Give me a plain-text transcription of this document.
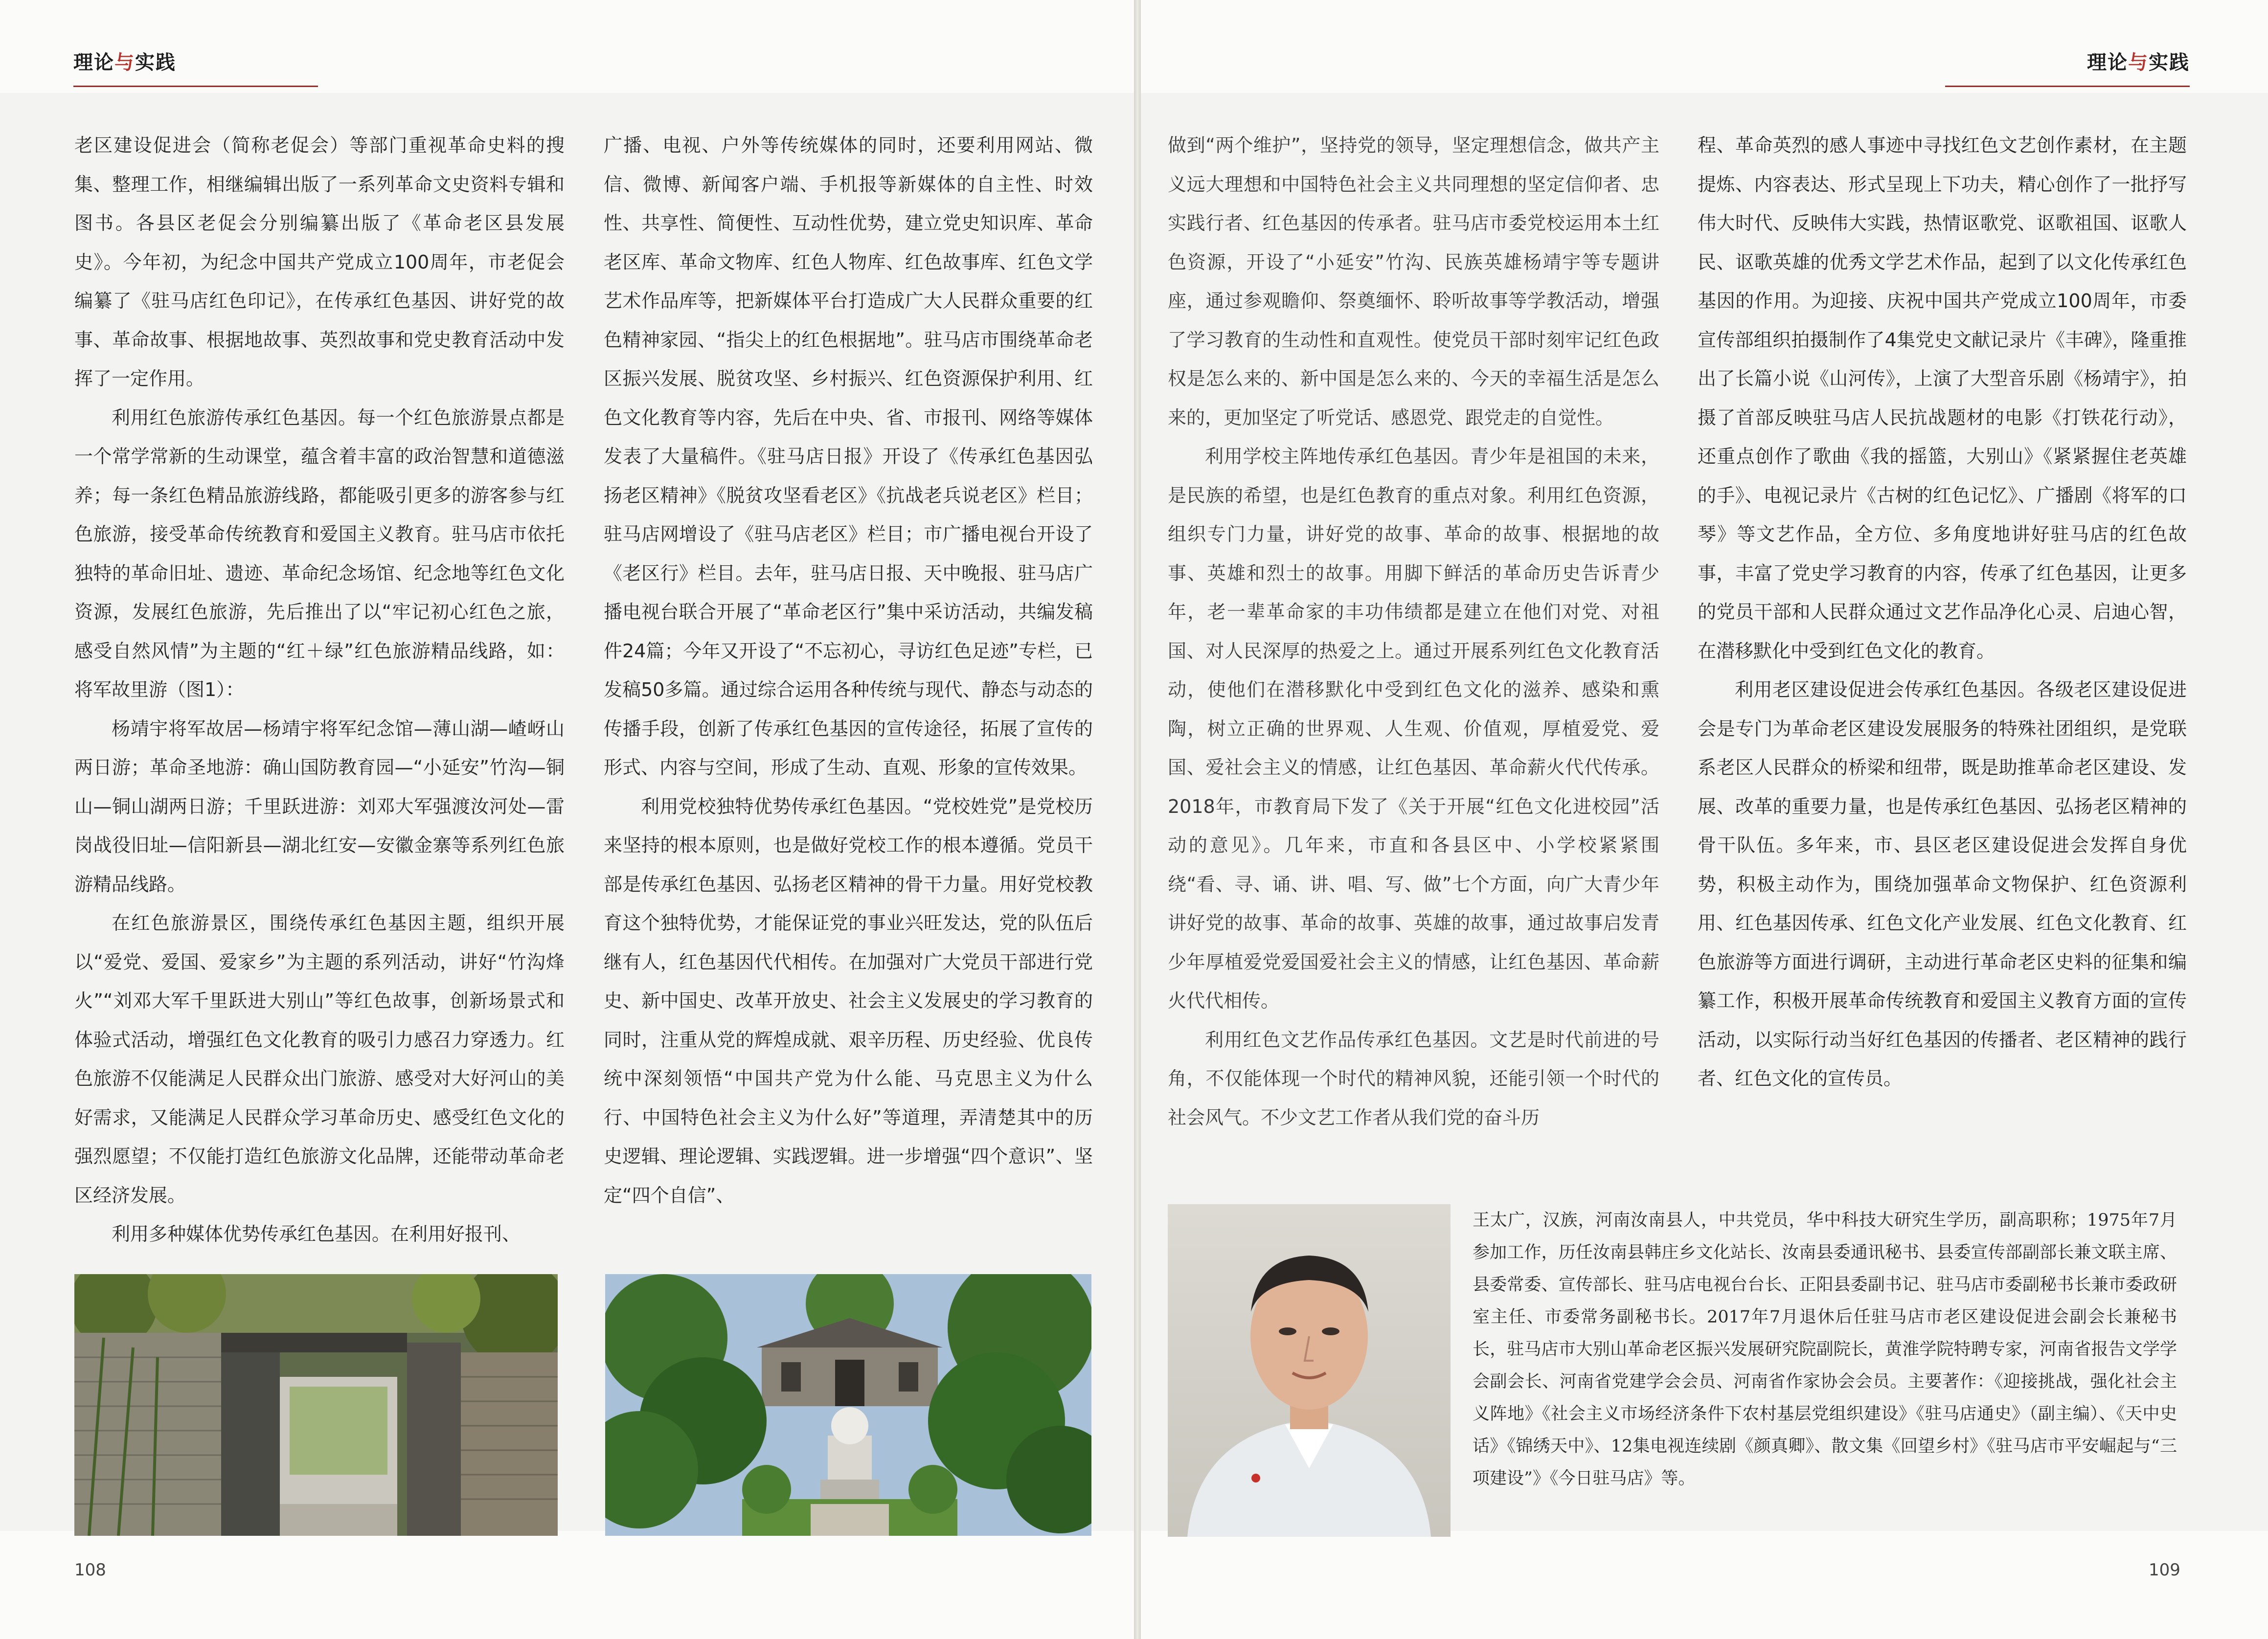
理论与实践

老区建设促进会（简称老促会）等部门重视革命史料的搜集、整理工作，相继编辑出版了一系列革命文史资料专辑和图书。各县区老促会分别编纂出版了《革命老区县发展史》。今年初，为纪念中国共产党成立100周年，市老促会编纂了《驻马店红色印记》，在传承红色基因、讲好党的故事、革命故事、根据地故事、英烈故事和党史教育活动中发挥了一定作用。

利用红色旅游传承红色基因。每一个红色旅游景点都是一个常学常新的生动课堂，蕴含着丰富的政治智慧和道德滋养；每一条红色精品旅游线路，都能吸引更多的游客参与红色旅游，接受革命传统教育和爱国主义教育。驻马店市依托独特的革命旧址、遗迹、革命纪念场馆、纪念地等红色文化资源，发展红色旅游，先后推出了以“牢记初心红色之旅，感受自然风情”为主题的“红＋绿”红色旅游精品线路，如：将军故里游（图1）：

杨靖宇将军故居—杨靖宇将军纪念馆—薄山湖—嵖岈山两日游；革命圣地游：确山国防教育园—“小延安”竹沟—铜山—铜山湖两日游；千里跃进游：刘邓大军强渡汝河处—雷岗战役旧址—信阳新县—湖北红安—安徽金寨等系列红色旅游精品线路。

在红色旅游景区，围绕传承红色基因主题，组织开展以“爱党、爱国、爱家乡”为主题的系列活动，讲好“竹沟烽火”“刘邓大军千里跃进大别山”等红色故事，创新场景式和体验式活动，增强红色文化教育的吸引力感召力穿透力。红色旅游不仅能满足人民群众出门旅游、感受对大好河山的美好需求，又能满足人民群众学习革命历史、感受红色文化的强烈愿望；不仅能打造红色旅游文化品牌，还能带动革命老区经济发展。

利用多种媒体优势传承红色基因。在利用好报刊、

广播、电视、户外等传统媒体的同时，还要利用网站、微信、微博、新闻客户端、手机报等新媒体的自主性、时效性、共享性、简便性、互动性优势，建立党史知识库、革命老区库、革命文物库、红色人物库、红色故事库、红色文学艺术作品库等，把新媒体平台打造成广大人民群众重要的红色精神家园、“指尖上的红色根据地”。驻马店市围绕革命老区振兴发展、脱贫攻坚、乡村振兴、红色资源保护利用、红色文化教育等内容，先后在中央、省、市报刊、网络等媒体发表了大量稿件。《驻马店日报》开设了《传承红色基因弘扬老区精神》《脱贫攻坚看老区》《抗战老兵说老区》栏目；驻马店网增设了《驻马店老区》栏目；市广播电视台开设了《老区行》栏目。去年，驻马店日报、天中晚报、驻马店广播电视台联合开展了“革命老区行”集中采访活动，共编发稿件24篇；今年又开设了“不忘初心，寻访红色足迹”专栏，已发稿50多篇。通过综合运用各种传统与现代、静态与动态的传播手段，创新了传承红色基因的宣传途径，拓展了宣传的形式、内容与空间，形成了生动、直观、形象的宣传效果。

利用党校独特优势传承红色基因。“党校姓党”是党校历来坚持的根本原则，也是做好党校工作的根本遵循。党员干部是传承红色基因、弘扬老区精神的骨干力量。用好党校教育这个独特优势，才能保证党的事业兴旺发达，党的队伍后继有人，红色基因代代相传。在加强对广大党员干部进行党史、新中国史、改革开放史、社会主义发展史的学习教育的同时，注重从党的辉煌成就、艰辛历程、历史经验、优良传统中深刻领悟“中国共产党为什么能、马克思主义为什么行、中国特色社会主义为什么好”等道理，弄清楚其中的历史逻辑、理论逻辑、实践逻辑。进一步增强“四个意识”、坚定“四个自信”、

108
理论与实践

做到“两个维护”，坚持党的领导，坚定理想信念，做共产主义远大理想和中国特色社会主义共同理想的坚定信仰者、忠实践行者、红色基因的传承者。驻马店市委党校运用本土红色资源，开设了“小延安”竹沟、民族英雄杨靖宇等专题讲座，通过参观瞻仰、祭奠缅怀、聆听故事等学教活动，增强了学习教育的生动性和直观性。使党员干部时刻牢记红色政权是怎么来的、新中国是怎么来的、今天的幸福生活是怎么来的，更加坚定了听党话、感恩党、跟党走的自觉性。

利用学校主阵地传承红色基因。青少年是祖国的未来，是民族的希望，也是红色教育的重点对象。利用红色资源，组织专门力量，讲好党的故事、革命的故事、根据地的故事、英雄和烈士的故事。用脚下鲜活的革命历史告诉青少年，老一辈革命家的丰功伟绩都是建立在他们对党、对祖国、对人民深厚的热爱之上。通过开展系列红色文化教育活动，使他们在潜移默化中受到红色文化的滋养、感染和熏陶，树立正确的世界观、人生观、价值观，厚植爱党、爱国、爱社会主义的情感，让红色基因、革命薪火代代传承。2018年，市教育局下发了《关于开展“红色文化进校园”活动的意见》。几年来，市直和各县区中、小学校紧紧围绕“看、寻、诵、讲、唱、写、做”七个方面，向广大青少年讲好党的故事、革命的故事、英雄的故事，通过故事启发青少年厚植爱党爱国爱社会主义的情感，让红色基因、革命薪火代代相传。

利用红色文艺作品传承红色基因。文艺是时代前进的号角，不仅能体现一个时代的精神风貌，还能引领一个时代的社会风气。不少文艺工作者从我们党的奋斗历

程、革命英烈的感人事迹中寻找红色文艺创作素材，在主题提炼、内容表达、形式呈现上下功夫，精心创作了一批抒写伟大时代、反映伟大实践，热情讴歌党、讴歌祖国、讴歌人民、讴歌英雄的优秀文学艺术作品，起到了以文化传承红色基因的作用。为迎接、庆祝中国共产党成立100周年，市委宣传部组织拍摄制作了4集党史文献记录片《丰碑》，隆重推出了长篇小说《山河传》，上演了大型音乐剧《杨靖宇》，拍摄了首部反映驻马店人民抗战题材的电影《打铁花行动》，还重点创作了歌曲《我的摇篮，大别山》《紧紧握住老英雄的手》、电视记录片《古树的红色记忆》、广播剧《将军的口琴》等文艺作品，全方位、多角度地讲好驻马店的红色故事，丰富了党史学习教育的内容，传承了红色基因，让更多的党员干部和人民群众通过文艺作品净化心灵、启迪心智，在潜移默化中受到红色文化的教育。

利用老区建设促进会传承红色基因。各级老区建设促进会是专门为革命老区建设发展服务的特殊社团组织，是党联系老区人民群众的桥梁和纽带，既是助推革命老区建设、发展、改革的重要力量，也是传承红色基因、弘扬老区精神的骨干队伍。多年来，市、县区老区建设促进会发挥自身优势，积极主动作为，围绕加强革命文物保护、红色资源利用、红色基因传承、红色文化产业发展、红色文化教育、红色旅游等方面进行调研，主动进行革命老区史料的征集和编纂工作，积极开展革命传统教育和爱国主义教育方面的宣传活动，以实际行动当好红色基因的传播者、老区精神的践行者、红色文化的宣传员。

109
王太广，汉族，河南汝南县人，中共党员，华中科技大研究生学历，副高职称；1975年7月参加工作，历任汝南县韩庄乡文化站长、汝南县委通讯秘书、县委宣传部副部长兼文联主席、县委常委、宣传部长、驻马店电视台台长、正阳县委副书记、驻马店市委副秘书长兼市委政研室主任、市委常务副秘书长。2017年7月退休后任驻马店市老区建设促进会副会长兼秘书长，驻马店市大别山革命老区振兴发展研究院副院长，黄淮学院特聘专家，河南省报告文学学会副会长、河南省党建学会会员、河南省作家协会会员。主要著作：《迎接挑战，强化社会主义阵地》《社会主义市场经济条件下农村基层党组织建设》《驻马店通史》（副主编）、《天中史话》《锦绣天中》、12集电视连续剧《颜真卿》、散文集《回望乡村》《驻马店市平安崛起与“三项建设”》《今日驻马店》等。
